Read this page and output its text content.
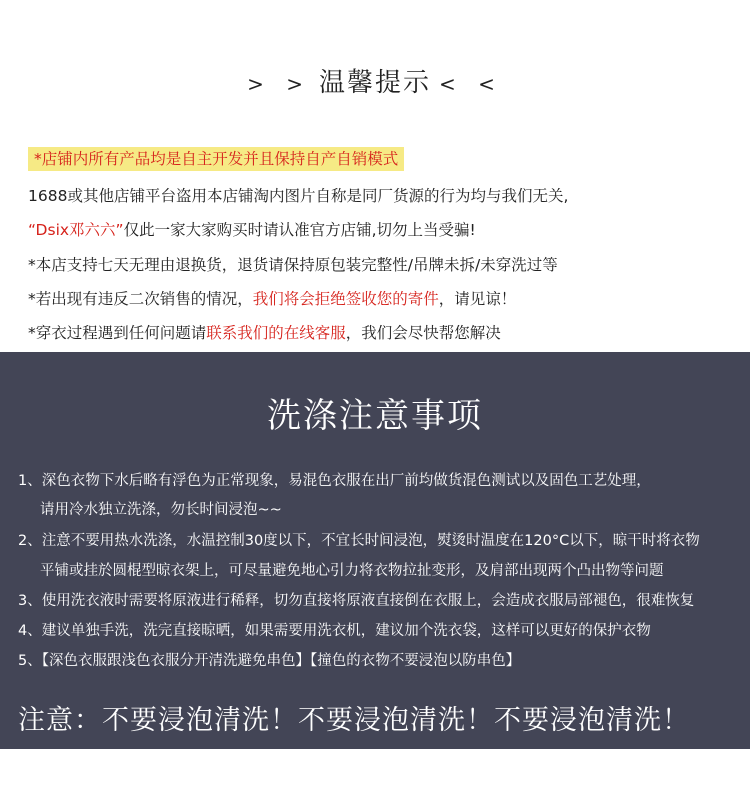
> > 温馨提示 < <
*店铺内所有产品均是自主开发并且保持自产自销模式
1688或其他店铺平台盗用本店铺淘内图片自称是同厂货源的行为均与我们无关,
“Dsix邓六六”仅此一家大家购买时请认准官方店铺,切勿上当受骗!
*本店支持七天无理由退换货，退货请保持原包装完整性/吊牌未拆/未穿洗过等
*若出现有违反二次销售的情况，我们将会拒绝签收您的寄件，请见谅！
*穿衣过程遇到任何问题请联系我们的在线客服，我们会尽快帮您解决
洗涤注意事项
1、深色衣物下水后略有浮色为正常现象，易混色衣服在出厂前均做货混色测试以及固色工艺处理，
请用冷水独立洗涤，勿长时间浸泡~~
2、注意不要用热水洗涤，水温控制30度以下，不宜长时间浸泡，熨烫时温度在120°C以下，晾干时将衣物
平铺或挂於圆棍型晾衣架上，可尽量避免地心引力将衣物拉扯变形，及肩部出现两个凸出物等问题
3、使用洗衣液时需要将原液进行稀释，切勿直接将原液直接倒在衣服上，会造成衣服局部褪色，很难恢复
4、建议单独手洗，洗完直接晾晒，如果需要用洗衣机，建议加个洗衣袋，这样可以更好的保护衣物
5、【深色衣服跟浅色衣服分开清洗避免串色】【撞色的衣物不要浸泡以防串色】
注意：不要浸泡清洗！不要浸泡清洗！不要浸泡清洗！
